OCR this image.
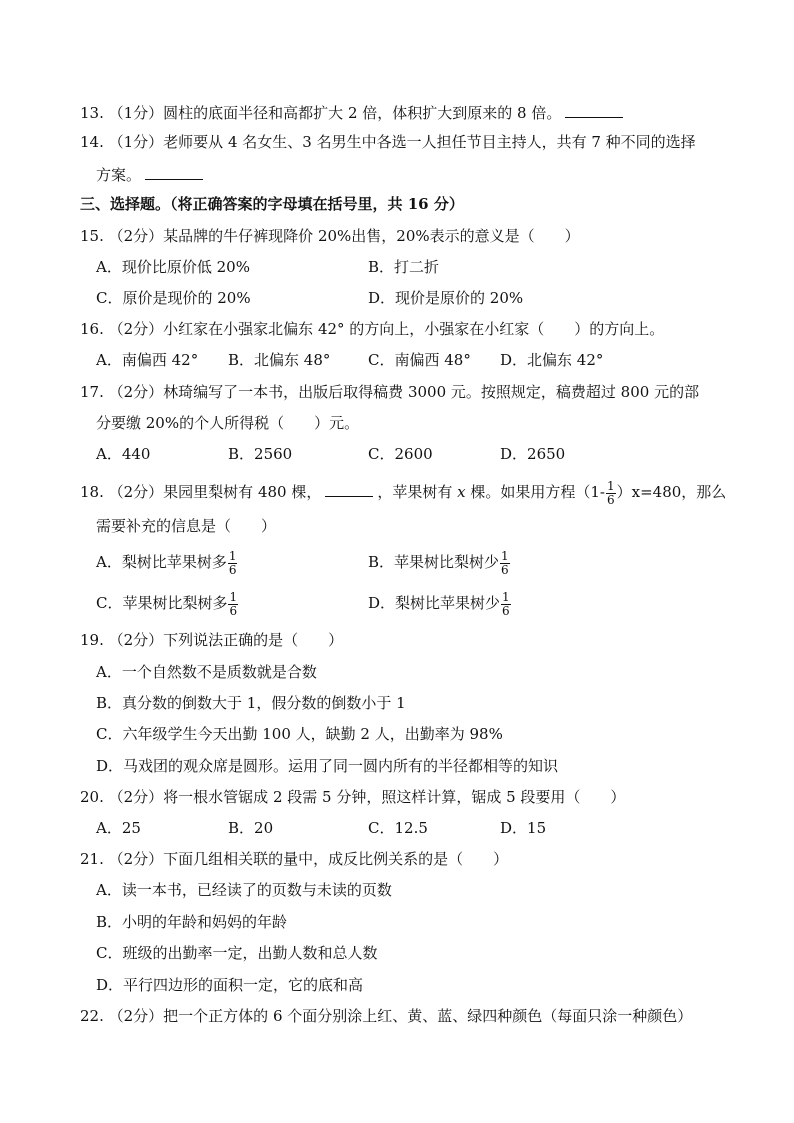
13. （1分）圆柱的底面半径和高都扩大 2 倍，体积扩大到原来的 8 倍。
14. （1分）老师要从 4 名女生、3 名男生中各选一人担任节目主持人，共有 7 种不同的选择
方案。
三、选择题。（将正确答案的字母填在括号里，共 16 分）
15. （2分）某品牌的牛仔裤现降价 20%出售，20%表示的意义是（　　）
A．现价比原价低 20%	B．打二折
C．原价是现价的 20%	D．现价是原价的 20%
16. （2分）小红家在小强家北偏东 42° 的方向上，小强家在小红家（　　）的方向上。
A．南偏西 42° B．北偏东 48°	C．南偏西 48° D．北偏东 42°
17. （2分）林琦编写了一本书，出版后取得稿费 3000 元。按照规定，稿费超过 800 元的部
分要缴 20%的个人所得税（　　）元。
A．440	B．2560	C．2600	D．2650
18. （2分）果园里梨树有 480 棵，	，苹果树有 x 棵。如果用方程$(1- \frac{1}{6} )x=480$，那么
需要补充的信息是（　　）
A．梨树比苹果树多 $\frac{1}{6}$	B．苹果树比梨树少 $\frac{1}{6}$
C．苹果树比梨树多 $\frac{1}{6}$	D．梨树比苹果树少 $\frac{1}{6}$
19. （2分）下列说法正确的是（　　）
A．一个自然数不是质数就是合数
B．真分数的倒数大于 1，假分数的倒数小于 1
C．六年级学生今天出勤 100 人，缺勤 2 人，出勤率为 98%
D．马戏团的观众席是圆形。运用了同一圆内所有的半径都相等的知识
20. （2分）将一根水管锯成 2 段需 5 分钟，照这样计算，锯成 5 段要用（　　）
A．25	B．20	C．12.5	D．15
21. （2分）下面几组相关联的量中，成反比例关系的是（　　）
A．读一本书，已经读了的页数与未读的页数
B．小明的年龄和妈妈的年龄
C．班级的出勤率一定，出勤人数和总人数
D．平行四边形的面积一定，它的底和高
22. （2分）把一个正方体的 6 个面分别涂上红、黄、蓝、绿四种颜色（每面只涂一种颜色）
